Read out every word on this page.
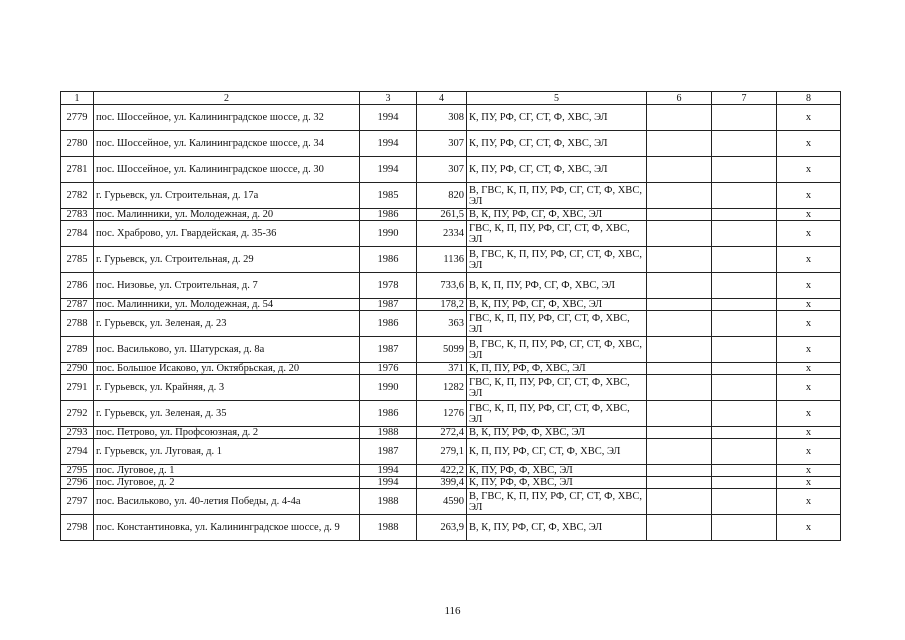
1	2	3	4	5	6	7	8
2779	пос. Шоссейное, ул. Калининградское шоссе, д. 32	1994	308	К, ПУ, РФ, СГ, СТ, Ф, ХВС, ЭЛ			х
2780	пос. Шоссейное, ул. Калининградское шоссе, д. 34	1994	307	К, ПУ, РФ, СГ, СТ, Ф, ХВС, ЭЛ			х
2781	пос. Шоссейное, ул. Калининградское шоссе, д. 30	1994	307	К, ПУ, РФ, СГ, СТ, Ф, ХВС, ЭЛ			х
2782	г. Гурьевск, ул. Строительная, д. 17а	1985	820	В, ГВС, К, П, ПУ, РФ, СГ, СТ, Ф, ХВС, ЭЛ			х
2783	пос. Малинники, ул. Молодежная, д. 20	1986	261,5	В, К, ПУ, РФ, СГ, Ф, ХВС, ЭЛ			х
2784	пос. Храброво, ул. Гвардейская, д. 35-36	1990	2334	ГВС, К, П, ПУ, РФ, СГ, СТ, Ф, ХВС, ЭЛ			х
2785	г. Гурьевск, ул. Строительная, д. 29	1986	1136	В, ГВС, К, П, ПУ, РФ, СГ, СТ, Ф, ХВС, ЭЛ			х
2786	пос. Низовье, ул. Строительная, д. 7	1978	733,6	В, К, П, ПУ, РФ, СГ, Ф, ХВС, ЭЛ			х
2787	пос. Малинники, ул. Молодежная, д. 54	1987	178,2	В, К, ПУ, РФ, СГ, Ф, ХВС, ЭЛ			х
2788	г. Гурьевск, ул. Зеленая, д. 23	1986	363	ГВС, К, П, ПУ, РФ, СГ, СТ, Ф, ХВС, ЭЛ			х
2789	пос. Васильково, ул. Шатурская, д. 8а	1987	5099	В, ГВС, К, П, ПУ, РФ, СГ, СТ, Ф, ХВС, ЭЛ			х
2790	пос. Большое Исаково, ул. Октябрьская, д. 20	1976	371	К, П, ПУ, РФ, Ф, ХВС, ЭЛ			х
2791	г. Гурьевск, ул. Крайняя, д. 3	1990	1282	ГВС, К, П, ПУ, РФ, СГ, СТ, Ф, ХВС, ЭЛ			х
2792	г. Гурьевск, ул. Зеленая, д. 35	1986	1276	ГВС, К, П, ПУ, РФ, СГ, СТ, Ф, ХВС, ЭЛ			х
2793	пос. Петрово, ул. Профсоюзная, д. 2	1988	272,4	В, К, ПУ, РФ, Ф, ХВС, ЭЛ			х
2794	г. Гурьевск, ул. Луговая, д. 1	1987	279,1	К, П, ПУ, РФ, СГ, СТ, Ф, ХВС, ЭЛ			х
2795	пос. Луговое, д. 1	1994	422,2	К, ПУ, РФ, Ф, ХВС, ЭЛ			х
2796	пос. Луговое, д. 2	1994	399,4	К, ПУ, РФ, Ф, ХВС, ЭЛ			х
2797	пос. Васильково, ул. 40-летия Победы, д. 4-4а	1988	4590	В, ГВС, К, П, ПУ, РФ, СГ, СТ, Ф, ХВС, ЭЛ			х
2798	пос. Константиновка, ул. Калининградское шоссе, д. 9	1988	263,9	В, К, ПУ, РФ, СГ, Ф, ХВС, ЭЛ			х
116
